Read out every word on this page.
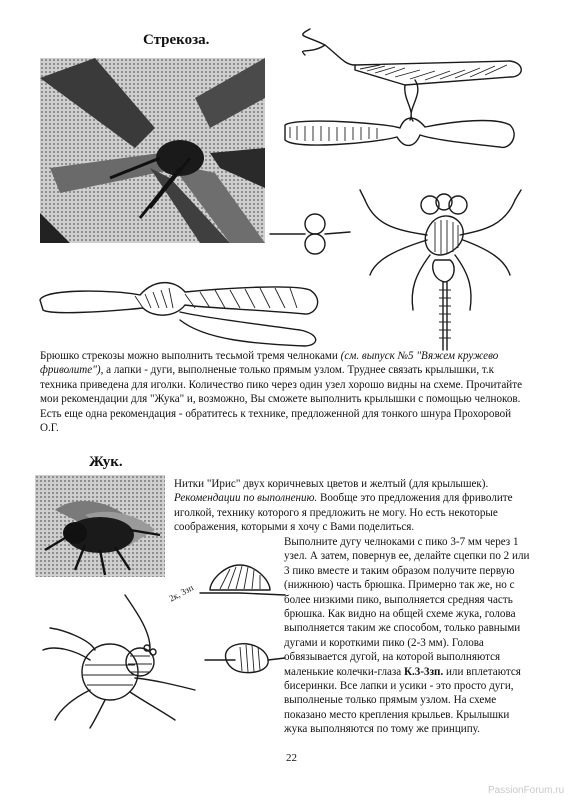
Стрекоза.
Брюшко стрекозы можно выполнить тесьмой тремя челноками (см. выпуск №5 "Вяжем кружево фриволите"), а лапки - дуги, выполненые только прямым узлом. Труднее связать крылышки, т.к техника приведена для иголки. Количество пико через один узел хорошо видны на схеме. Прочитайте мои рекомендации для "Жука" и, возможно, Вы сможете выполнить крылышки с помощью челноков. Есть еще одна рекомендация - обратитесь к технике, предложенной для тонкого шнура Прохоровой О.Г.
Жук.
Нитки "Ирис" двух коричневых цветов и желтый (для крылышек). Рекомендации по выполнению. Вообще это предложения для фриволите иголкой, технику которого я предложить не могу. Но есть некоторые соображения, которыми я хочу с Вами поделиться.
Выполните дугу челноками с пико 3-7 мм через 1 узел. А затем, повернув ее, делайте сцепки по 2 или 3 пико вместе и таким образом получите первую (нижнюю) часть брюшка. Примерно так же, но с более низкими пико, выполняется средняя часть брюшка. Как видно на общей схеме жука, голова выполняется таким же способом, только равными дугами и короткими пико (2-3 мм). Голова обвязывается дугой, на которой выполняются маленькие колечки-глаза К.3-3зп. или вплетаются бисеринки. Все лапки и усики - это просто дуги, выполненые только прямым узлом. На схеме показано место крепления крыльев. Крылышки жука выполняются по тому же принципу.
2к, 3зп
22
PassionForum.ru
